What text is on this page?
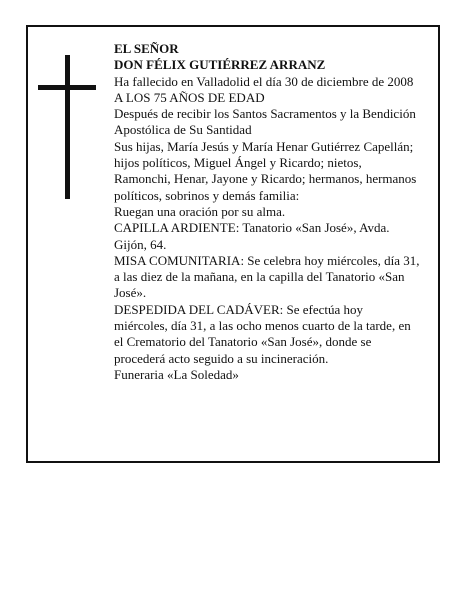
EL SEÑOR

DON FÉLIX GUTIÉRREZ ARRANZ

Ha fallecido en Valladolid el día 30 de diciembre de 2008

A LOS 75 AÑOS DE EDAD

Después de recibir los Santos Sacramentos y la Bendición Apostólica de Su Santidad

Sus hijas, María Jesús y María Henar Gutiérrez Capellán; hijos políticos, Miguel Ángel y Ricardo; nietos, Ramonchi, Henar, Jayone y Ricardo; hermanos, hermanos políticos, sobrinos y demás familia:

Ruegan una oración por su alma.

CAPILLA ARDIENTE: Tanatorio «San José», Avda. Gijón, 64.

MISA COMUNITARIA: Se celebra hoy miércoles, día 31, a las diez de la mañana, en la capilla del Tanatorio «San José».

DESPEDIDA DEL CADÁVER: Se efectúa hoy miércoles, día 31, a las ocho menos cuarto de la tarde, en el Crematorio del Tanatorio «San José», donde se procederá acto seguido a su incineración.

Funeraria «La Soledad»
